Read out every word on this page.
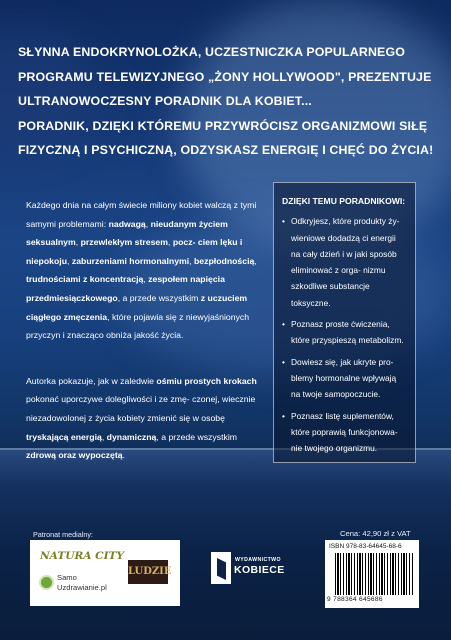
SŁYNNA ENDOKRYNOLOŻKA, UCZESTNICZKA POPULARNEGO

PROGRAMU TELEWIZYJNEGO „ŻONY HOLLYWOOD", PREZENTUJE

ULTRANOWOCZESNY PORADNIK DLA KOBIET...

PORADNIK, DZIĘKI KTÓREMU PRZYWRÓCISZ ORGANIZMOWI SIŁĘ

FIZYCZNĄ I PSYCHICZNĄ, ODZYSKASZ ENERGIĘ I CHĘĆ DO ŻYCIA!

Każdego dnia na całym świecie miliony kobiet walczą z tymi samymi problemami: nadwagą, nieudanym życiem seksualnym, przewlekłym stresem, pocz- ciem lęku i niepokoju, zaburzeniami hormonalnymi, bezpłodnością, trudnościami z koncentracją, zespołem napięcia przedmiesiączkowego, a przede wszystkim z uczuciem ciągłego zmęczenia, które pojawia się z niewyjaśnionych przyczyn i znacząco obniża jakość życia.

Autorka pokazuje, jak w zaledwie ośmiu prostych krokach pokonać uporczywe dolegliwości i ze zmę- czonej, wiecznie niezadowolonej z życia kobiety zmienić się w osobę tryskającą energią, dynamiczną, a przede wszystkim zdrową oraz wypoczętą.

DZIĘKI TEMU PORADNIKOWI:

• Odkryjesz, które produkty ży- wieniowe dodadzą ci energii na cały dzień i w jaki sposób eliminować z orga- nizmu szkodliwe substancje toksyczne.
• Poznasz proste ćwiczenia, które przyspieszą metabolizm.
• Dowiesz się, jak ukryte pro- blemy hormonalne wpływają na twoje samopoczucie.
• Poznasz listę suplementów, które poprawią funkcjonowa- nie twojego organizmu.
Patronat medialny:
NATURA CITY
Samo
Uzdrawianie.pl
LUDZIE
WYDAWNICTWO
KOBIECE
Cena: 42,90 zł z VAT
ISBN 978-83-64645-68-6
9 788364 645686
